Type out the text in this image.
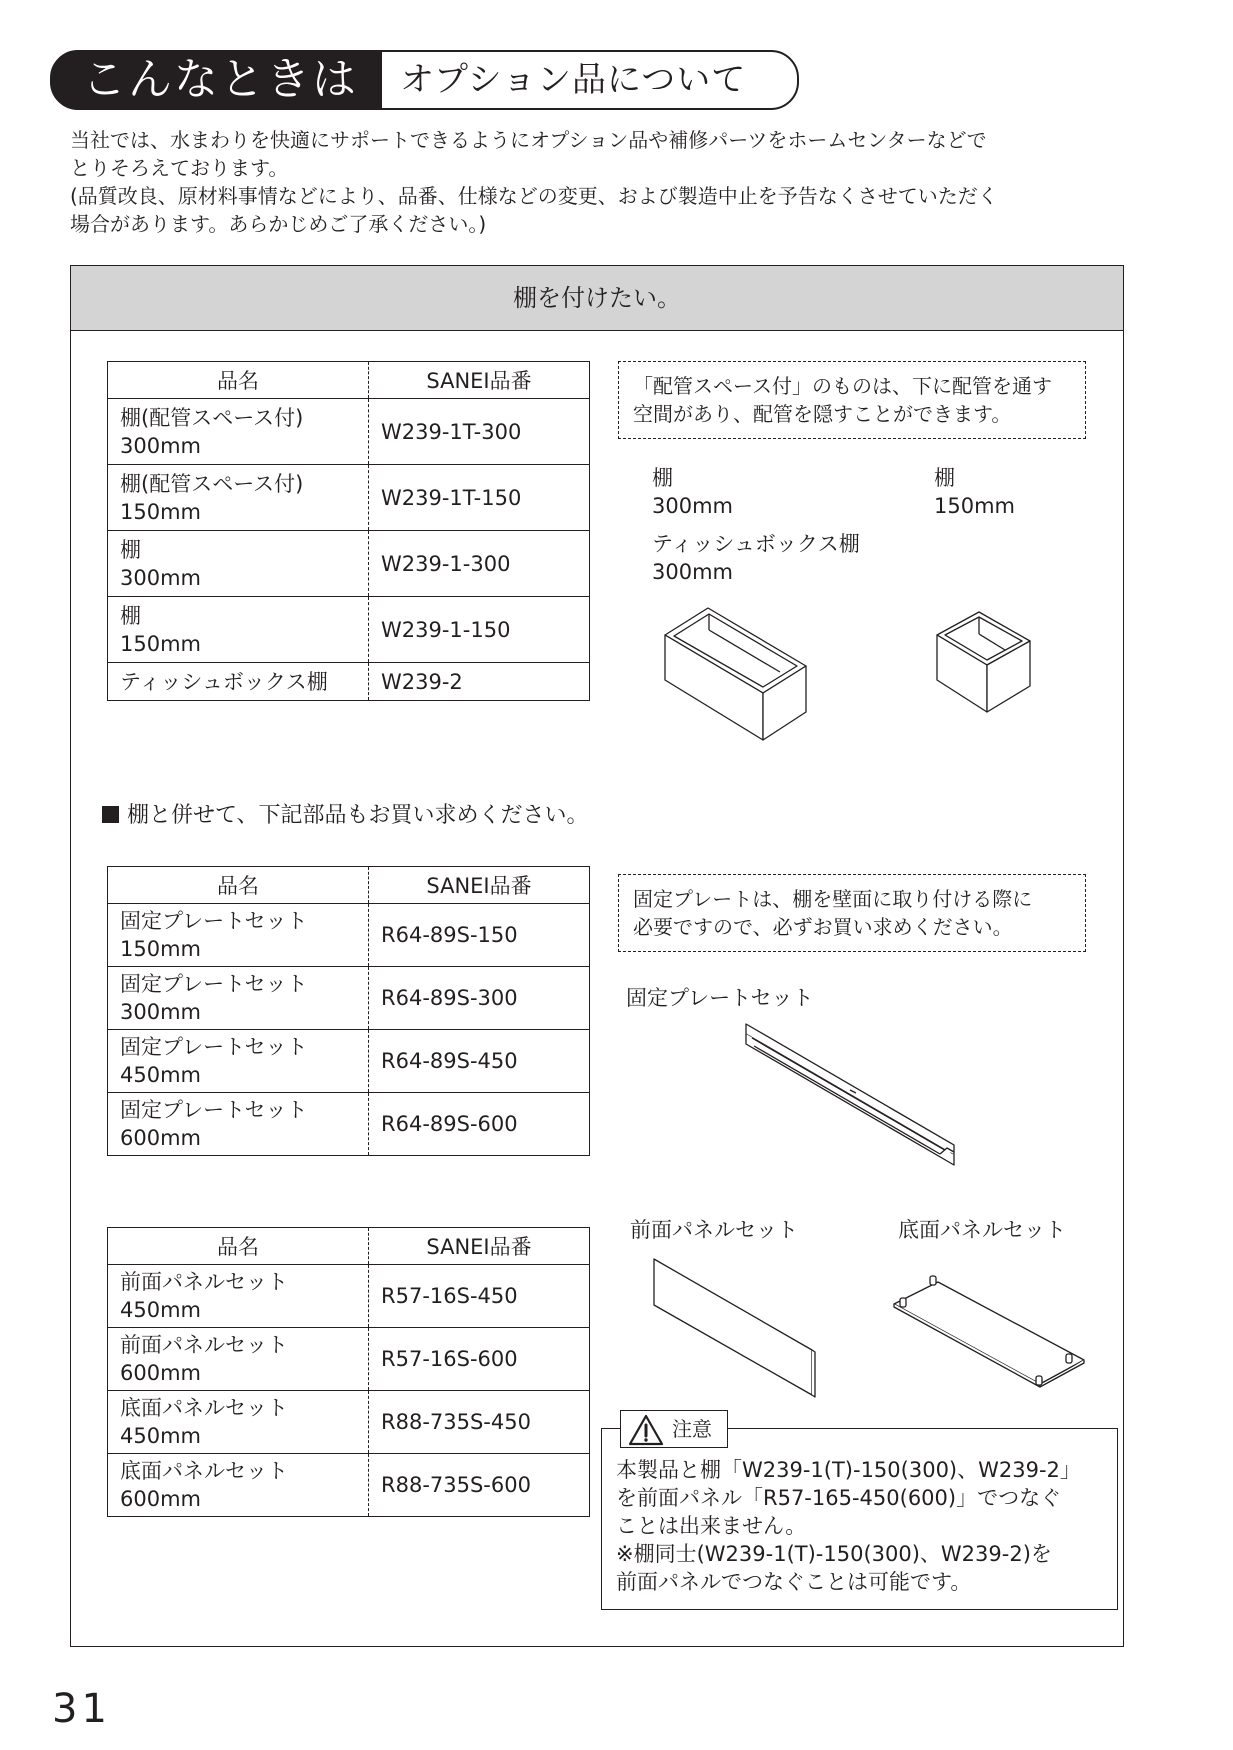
こんなときは オプション品について
当社では、水まわりを快適にサポートできるようにオプション品や補修パーツをホームセンターなどで
とりそろえております。
(品質改良、原材料事情などにより、品番、仕様などの変更、および製造中止を予告なくさせていただく
場合があります。あらかじめご了承ください。)
棚を付けたい。
品名	SANEI品番

棚(配管スペース付)
300mm	W239-1T-300

棚(配管スペース付)
150mm	W239-1T-150

棚
300mm	W239-1-300

棚
150mm	W239-1-150

ティッシュボックス棚	W239-2
「配管スペース付」のものは、下に配管を通す
空間があり、配管を隠すことができます。
棚
300mm
ティッシュボックス棚
300mm
棚
150mm
棚と併せて、下記部品もお買い求めください。
品名	SANEI品番

固定プレートセット
150mm	R64-89S-150

固定プレートセット
300mm	R64-89S-300

固定プレートセット
450mm	R64-89S-450

固定プレートセット
600mm	R64-89S-600
固定プレートは、棚を壁面に取り付ける際に
必要ですので、必ずお買い求めください。
固定プレートセット
品名	SANEI品番

前面パネルセット
450mm	R57-16S-450

前面パネルセット
600mm	R57-16S-600

底面パネルセット
450mm	R88-735S-450

底面パネルセット
600mm	R88-735S-600
前面パネルセット	底面パネルセット
注意
本製品と棚「W239-1(T)-150(300)、W239-2」
を前面パネル「R57-165-450(600)」でつなぐ
ことは出来ません。
※棚同士(W239-1(T)-150(300)、W239-2)を
前面パネルでつなぐことは可能です。
31
